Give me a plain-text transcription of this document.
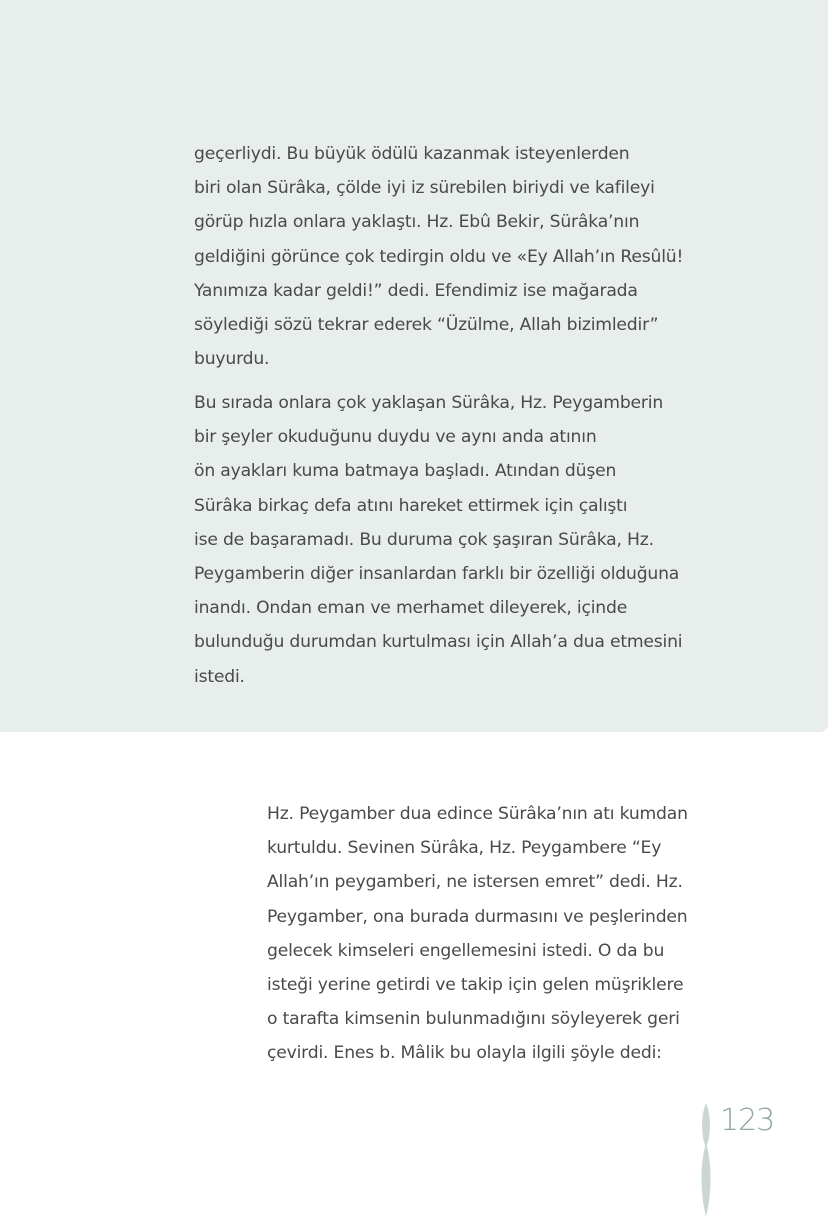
geçerliydi. Bu büyük ödülü kazanmak isteyenlerden
biri olan Sürâka, çölde iyi iz sürebilen biriydi ve kafileyi
görüp hızla onlara yaklaştı. Hz. Ebû Bekir, Sürâka’nın
geldiğini görünce çok tedirgin oldu ve «Ey Allah’ın Resûlü!
Yanımıza kadar geldi!” dedi. Efendimiz ise mağarada
söylediği sözü tekrar ederek “Üzülme, Allah bizimledir”
buyurdu.
Bu sırada onlara çok yaklaşan Sürâka, Hz. Peygamberin
bir şeyler okuduğunu duydu ve aynı anda atının
ön ayakları kuma batmaya başladı. Atından düşen
Sürâka birkaç defa atını hareket ettirmek için çalıştı
ise de başaramadı. Bu duruma çok şaşıran Sürâka, Hz.
Peygamberin diğer insanlardan farklı bir özelliği olduğuna
inandı. Ondan eman ve merhamet dileyerek, içinde
bulunduğu durumdan kurtulması için Allah’a dua etmesini
istedi.
Hz. Peygamber dua edince Sürâka’nın atı kumdan
kurtuldu. Sevinen Sürâka, Hz. Peygambere “Ey
Allah’ın peygamberi, ne istersen emret” dedi. Hz.
Peygamber, ona burada durmasını ve peşlerinden
gelecek kimseleri engellemesini istedi. O da bu
isteği yerine getirdi ve takip için gelen müşriklere
o tarafta kimsenin bulunmadığını söyleyerek geri
çevirdi. Enes b. Mâlik bu olayla ilgili şöyle dedi:
123
